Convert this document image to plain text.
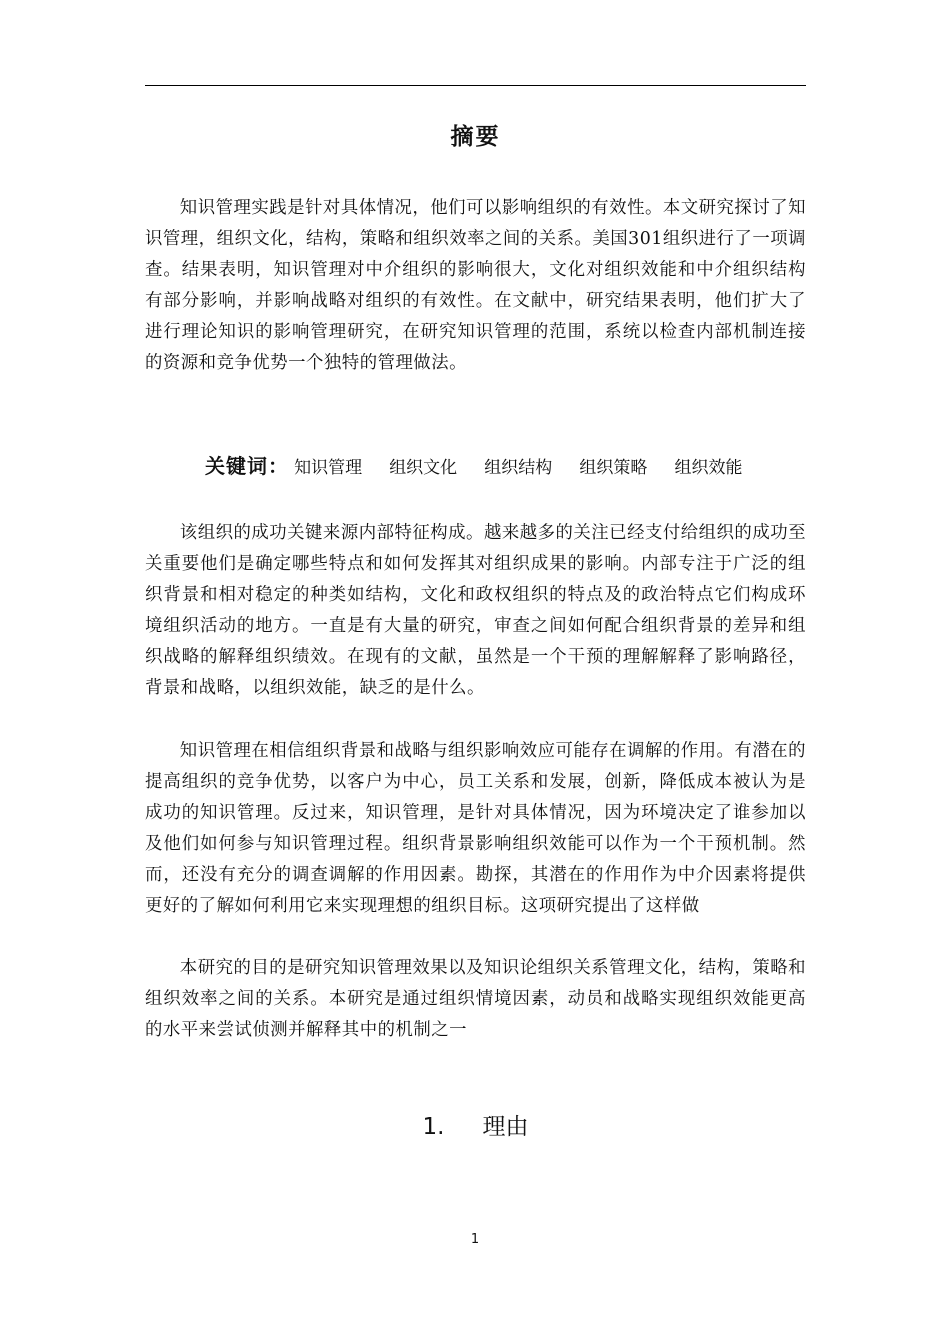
摘要

知识管理实践是针对具体情况，他们可以影响组织的有效性。本文研究探讨了知识管理，组织文化，结构，策略和组织效率之间的关系。美国301组织进行了一项调查。结果表明，知识管理对中介组织的影响很大，文化对组织效能和中介组织结构有部分影响，并影响战略对组织的有效性。在文献中，研究结果表明，他们扩大了进行理论知识的影响管理研究，在研究知识管理的范围，系统以检查内部机制连接的资源和竞争优势一个独特的管理做法。

关键词： 知识管理 组织文化 组织结构 组织策略 组织效能

该组织的成功关键来源内部特征构成。越来越多的关注已经支付给组织的成功至关重要他们是确定哪些特点和如何发挥其对组织成果的影响。内部专注于广泛的组织背景和相对稳定的种类如结构，文化和政权组织的特点及的政治特点它们构成环境组织活动的地方。一直是有大量的研究，审查之间如何配合组织背景的差异和组织战略的解释组织绩效。在现有的文献，虽然是一个干预的理解解释了影响路径，背景和战略，以组织效能，缺乏的是什么。

知识管理在相信组织背景和战略与组织影响效应可能存在调解的作用。有潜在的提高组织的竞争优势，以客户为中心，员工关系和发展，创新，降低成本被认为是成功的知识管理。反过来，知识管理，是针对具体情况，因为环境决定了谁参加以及他们如何参与知识管理过程。组织背景影响组织效能可以作为一个干预机制。然而，还没有充分的调查调解的作用因素。勘探，其潜在的作用作为中介因素将提供更好的了解如何利用它来实现理想的组织目标。这项研究提出了这样做

本研究的目的是研究知识管理效果以及知识论组织关系管理文化，结构，策略和组织效率之间的关系。本研究是通过组织情境因素，动员和战略实现组织效能更高的水平来尝试侦测并解释其中的机制之一

1. 理由
1
